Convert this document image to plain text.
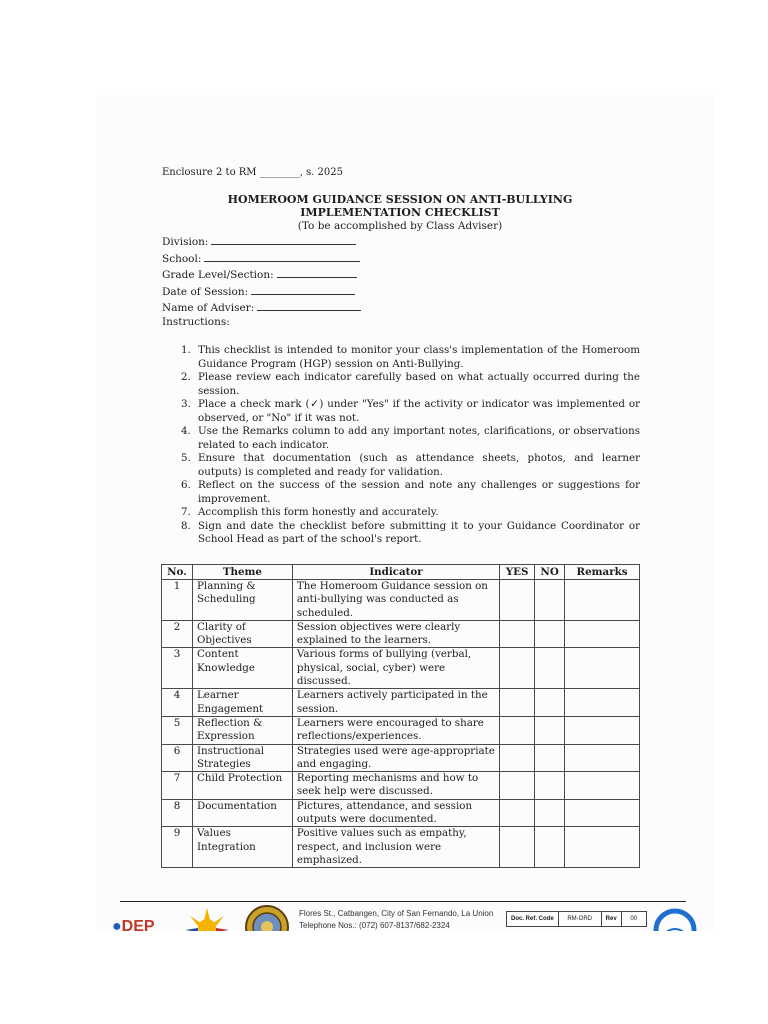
Enclosure 2 to RM ________, s. 2025
HOMEROOM GUIDANCE SESSION ON ANTI-BULLYING
IMPLEMENTATION CHECKLIST
(To be accomplished by Class Adviser)
Division:
School:
Grade Level/Section:
Date of Session:
Name of Adviser:
Instructions:
1. This checklist is intended to monitor your class's implementation of the Homeroom Guidance Program (HGP) session on Anti-Bullying.
2. Please review each indicator carefully based on what actually occurred during the session.
3. Place a check mark (✓) under "Yes" if the activity or indicator was implemented or observed, or "No" if it was not.
4. Use the Remarks column to add any important notes, clarifications, or observations related to each indicator.
5. Ensure that documentation (such as attendance sheets, photos, and learner outputs) is completed and ready for validation.
6. Reflect on the success of the session and note any challenges or suggestions for improvement.
7. Accomplish this form honestly and accurately.
8. Sign and date the checklist before submitting it to your Guidance Coordinator or School Head as part of the school's report.
No.	Theme	Indicator	YES	NO	Remarks
1	Planning & Scheduling	The Homeroom Guidance session on anti-bullying was conducted as scheduled.			
2	Clarity of Objectives	Session objectives were clearly explained to the learners.			
3	Content Knowledge	Various forms of bullying (verbal, physical, social, cyber) were discussed.			
4	Learner Engagement	Learners actively participated in the session.			
5	Reflection & Expression	Learners were encouraged to share reflections/experiences.			
6	Instructional Strategies	Strategies used were age-appropriate and engaging.			
7	Child Protection	Reporting mechanisms and how to seek help were discussed.			
8	Documentation	Pictures, attendance, and session outputs were documented.			
9	Values Integration	Positive values such as empathy, respect, and inclusion were emphasized.			
●DEP
Flores St., Catbangen, City of San Fernando, La Union
Telephone Nos.: (072) 607-8137/682-2324
Doc. Ref. Code	RM-ORD	Rev	00
